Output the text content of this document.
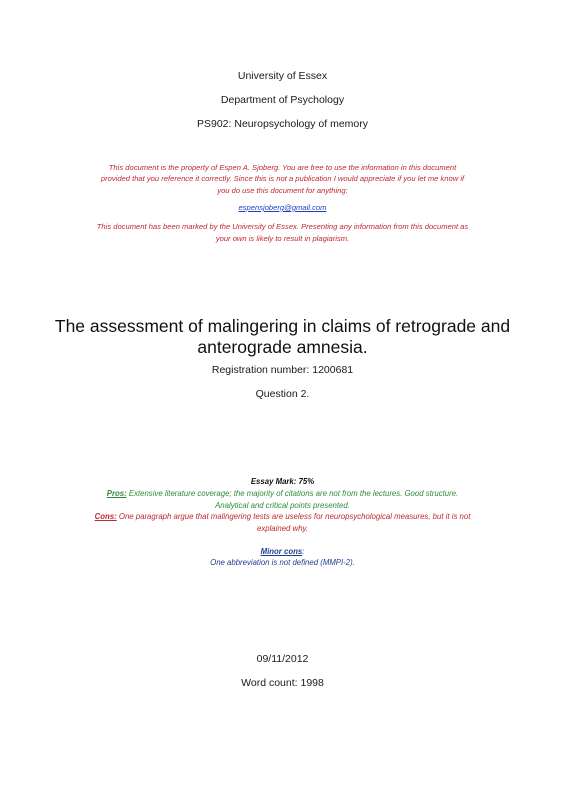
University of Essex
Department of Psychology
PS902: Neuropsychology of memory
This document is the property of Espen A. Sjoberg. You are free to use the information in this document
provided that you reference it correctly. Since this is not a publication I would appreciate if you let me know if
you do use this document for anything:
espensjoberg@gmail.com
This document has been marked by the University of Essex. Presenting any information from this document as
your own is likely to result in plagiarism.
The assessment of malingering in claims of retrograde and
anterograde amnesia.
Registration number: 1200681
Question 2.
Essay Mark: 75%
Pros: Extensive literature coverage; the majority of citations are not from the lectures. Good structure.
Analytical and critical points presented.
Cons: One paragraph argue that malingering tests are useless for neuropsychological measures, but it is not
explained why.
Minor cons:
One abbreviation is not defined (MMPI-2).
09/11/2012
Word count: 1998
